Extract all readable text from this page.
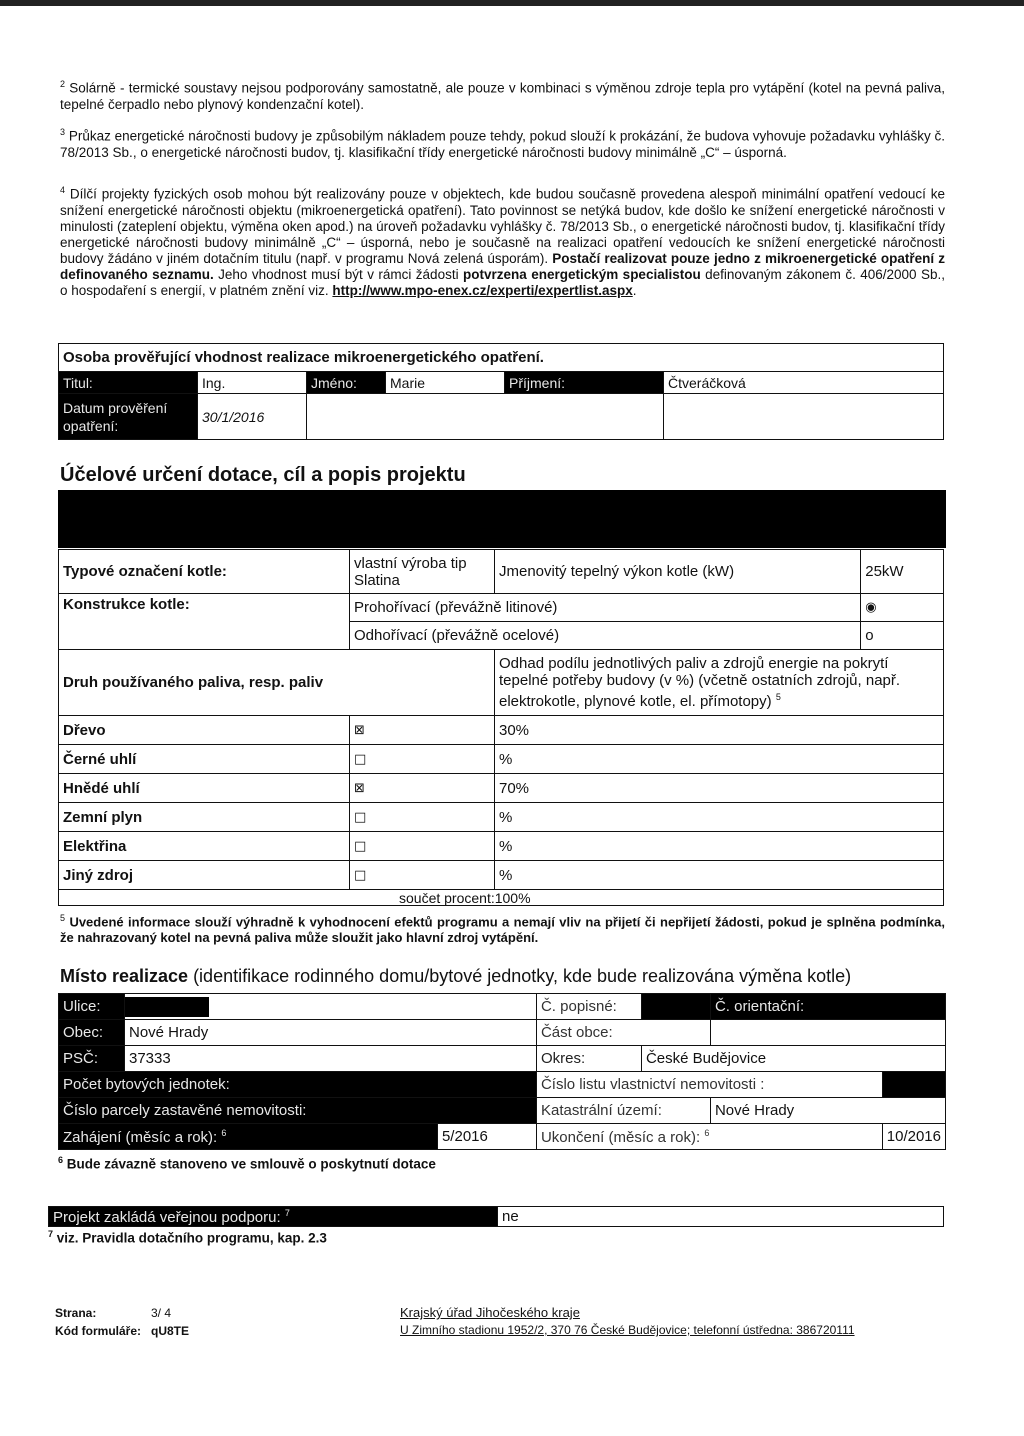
$^2$ Solárně - termické soustavy nejsou podporovány samostatně, ale pouze v kombinaci s výměnou zdroje tepla pro vytápění (kotel na pevná paliva, tepelné čerpadlo nebo plynový kondenzační kotel).
$^3$ Průkaz energetické náročnosti budovy je způsobilým nákladem pouze tehdy, pokud slouží k prokázání, že budova vyhovuje požadavku vyhlášky č. 78/2013 Sb., o energetické náročnosti budov, tj. klasifikační třídy energetické náročnosti budovy minimálně „C“ – úsporná.
$^4$ Dílčí projekty fyzických osob mohou být realizovány pouze v objektech, kde budou současně provedena alespoň minimální opatření vedoucí ke snížení energetické náročnosti objektu (mikroenergetická opatření). Tato povinnost se netýká budov, kde došlo ke snížení energetické náročnosti v minulosti (zateplení objektu, výměna oken apod.) na úroveň požadavku vyhlášky č. 78/2013 Sb., o energetické náročnosti budov, tj. klasifikační třídy energetické náročnosti budovy minimálně „C“ – úsporná, nebo je současně na realizaci opatření vedoucích ke snížení energetické náročnosti budovy žádáno v jiném dotačním titulu (např. v programu Nová zelená úsporám). Postačí realizovat pouze jedno z mikroenergetické opatření z definovaného seznamu. Jeho vhodnost musí být v rámci žádosti potvrzena energetickým specialistou definovaným zákonem č. 406/2000 Sb., o hospodaření s energií, v platném znění viz. http://www.mpo-enex.cz/experti/expertlist.aspx.
Osoba prověřující vhodnost realizace mikroenergetického opatření.					
Titul:	Ing.	Jméno:	Marie	Příjmení:	Čtveráčková
Datum prověření opatření:	30/1/2016				
Účelové určení dotace, cíl a popis projektu
Typové označení kotle:	vlastní výroba tip Slatina	Jmenovitý tepelný výkon kotle (kW)	25kW
Konstrukce kotle:	Prohořívací (převážně litinové)		◉
	Odhořívací (převážně ocelové)		o
Druh používaného paliva, resp. paliv		Odhad podílu jednotlivých paliv a zdrojů energie na pokrytí tepelné potřeby budovy (v %) (včetně ostatních zdrojů, např. elektrokotle, plynové kotle, el. přímotopy) $^5$
Dřevo	⊠	30%	
Černé uhlí	□	%	
Hnědé uhlí	⊠	70%	
Zemní plyn	□	%	
Elektřina	□	%	
Jiný zdroj	□	%	
součet procent:100%			
$^5$ Uvedené informace slouží výhradně k vyhodnocení efektů programu a nemají vliv na přijetí či nepřijetí žádosti, pokud je splněna podmínka, že nahrazovaný kotel na pevná paliva může sloužit jako hlavní zdroj vytápění.
Místo realizace (identifikace rodinného domu/bytové jednotky, kde bude realizována výměna kotle)
Ulice:			Č. popisné:		Č. orientační:	
Obec:	Nové Hrady		Část obce:			
PSČ:	37333		Okres:	České Budějovice		
Počet bytových jednotek:			Číslo listu vlastnictví nemovitosti :			
Číslo parcely zastavěné nemovitosti:			Katastrální území:		Nové Hrady	
Zahájení (měsíc a rok): $^6$		5/2016	Ukončení (měsíc a rok): $^6$			10/2016
$^6$ Bude závazně stanoveno ve smlouvě o poskytnutí dotace
Projekt zakládá veřejnou podporu: $^7$	ne
$^7$ viz. Pravidla dotačního programu, kap. 2.3
Strana:	3/ 4
Kód formuláře: qU8TE
Krajský úřad Jihočeského kraje
U Zimního stadionu 1952/2, 370 76 České Budějovice; telefonní ústředna: 386720111
